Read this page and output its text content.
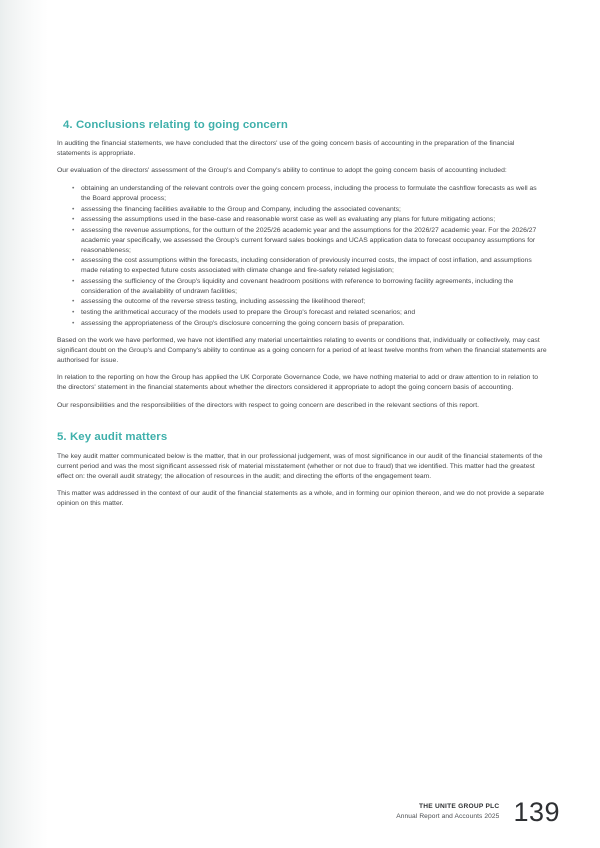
4. Conclusions relating to going concern

In auditing the financial statements, we have concluded that the directors' use of the going concern basis of accounting in the preparation of the financial statements is appropriate.

Our evaluation of the directors' assessment of the Group's and Company's ability to continue to adopt the going concern basis of accounting included:

• obtaining an understanding of the relevant controls over the going concern process, including the process to formulate the cashflow forecasts as well as the Board approval process;
• assessing the financing facilities available to the Group and Company, including the associated covenants;
• assessing the assumptions used in the base-case and reasonable worst case as well as evaluating any plans for future mitigating actions;
• assessing the revenue assumptions, for the outturn of the 2025/26 academic year and the assumptions for the 2026/27 academic year. For the 2026/27 academic year specifically, we assessed the Group's current forward sales bookings and UCAS application data to forecast occupancy assumptions for reasonableness;
• assessing the cost assumptions within the forecasts, including consideration of previously incurred costs, the impact of cost inflation, and assumptions made relating to expected future costs associated with climate change and fire-safety related legislation;
• assessing the sufficiency of the Group's liquidity and covenant headroom positions with reference to borrowing facility agreements, including the consideration of the availability of undrawn facilities;
• assessing the outcome of the reverse stress testing, including assessing the likelihood thereof;
• testing the arithmetical accuracy of the models used to prepare the Group's forecast and related scenarios; and
• assessing the appropriateness of the Group's disclosure concerning the going concern basis of preparation.

Based on the work we have performed, we have not identified any material uncertainties relating to events or conditions that, individually or collectively, may cast significant doubt on the Group's and Company's ability to continue as a going concern for a period of at least twelve months from when the financial statements are authorised for issue.

In relation to the reporting on how the Group has applied the UK Corporate Governance Code, we have nothing material to add or draw attention to in relation to the directors' statement in the financial statements about whether the directors considered it appropriate to adopt the going concern basis of accounting.

Our responsibilities and the responsibilities of the directors with respect to going concern are described in the relevant sections of this report.

5. Key audit matters

The key audit matter communicated below is the matter, that in our professional judgement, was of most significance in our audit of the financial statements of the current period and was the most significant assessed risk of material misstatement (whether or not due to fraud) that we identified. This matter had the greatest effect on: the overall audit strategy; the allocation of resources in the audit; and directing the efforts of the engagement team.

This matter was addressed in the context of our audit of the financial statements as a whole, and in forming our opinion thereon, and we do not provide a separate opinion on this matter.

THE UNITE GROUP PLC
Annual Report and Accounts 2025 139
